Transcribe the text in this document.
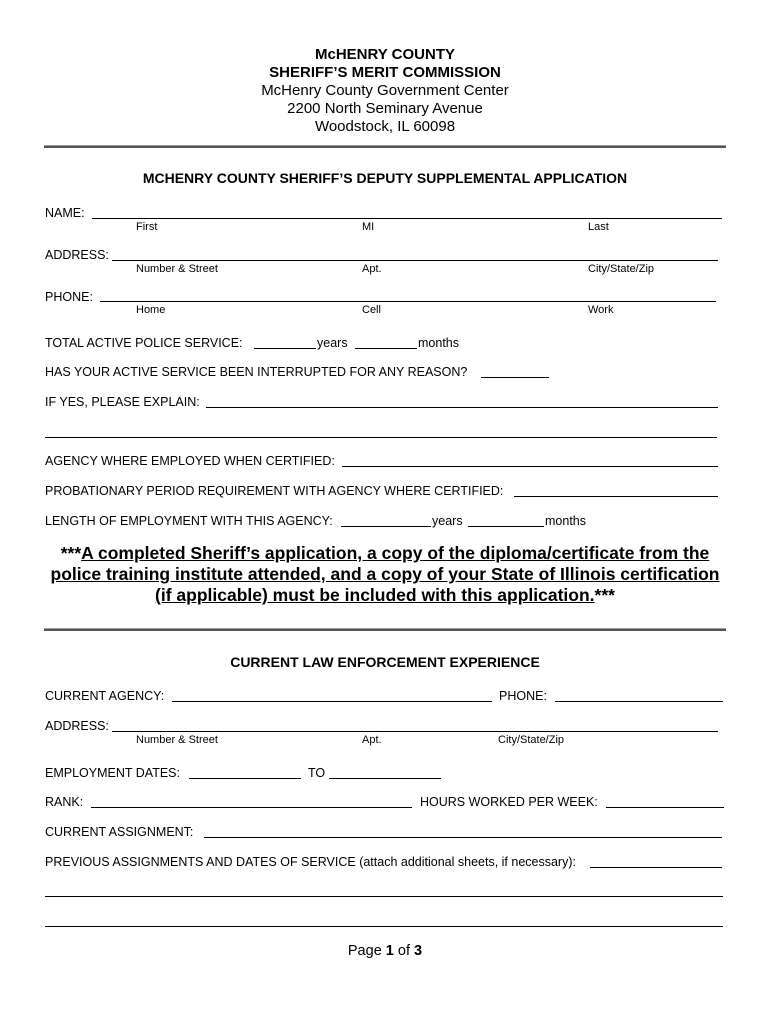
McHENRY COUNTY
SHERIFF’S MERIT COMMISSION
McHenry County Government Center
2200 North Seminary Avenue
Woodstock, IL 60098
MCHENRY COUNTY SHERIFF’S DEPUTY SUPPLEMENTAL APPLICATION
NAME:
First	MI	Last
ADDRESS:
Number & Street	Apt.	City/State/Zip
PHONE:
Home	Cell	Work
TOTAL ACTIVE POLICE SERVICE:	years	months
HAS YOUR ACTIVE SERVICE BEEN INTERRUPTED FOR ANY REASON?
IF YES, PLEASE EXPLAIN:
AGENCY WHERE EMPLOYED WHEN CERTIFIED:
PROBATIONARY PERIOD REQUIREMENT WITH AGENCY WHERE CERTIFIED:
LENGTH OF EMPLOYMENT WITH THIS AGENCY:	years	months
***A completed Sheriff’s application, a copy of the diploma/certificate from the police training institute attended, and a copy of your State of Illinois certification (if applicable) must be included with this application.***
CURRENT LAW ENFORCEMENT EXPERIENCE
CURRENT AGENCY:	PHONE:
ADDRESS:
Number & Street	Apt.	City/State/Zip
EMPLOYMENT DATES:	TO
RANK:	HOURS WORKED PER WEEK:
CURRENT ASSIGNMENT:
PREVIOUS ASSIGNMENTS AND DATES OF SERVICE (attach additional sheets, if necessary):
Page 1 of 3
